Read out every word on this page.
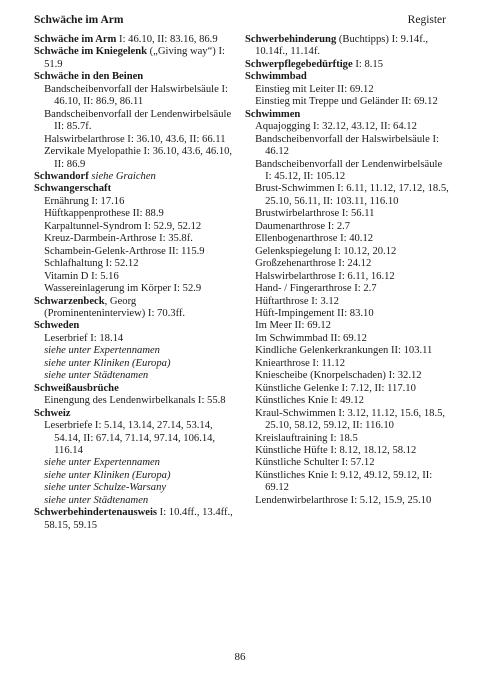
Schwäche im Arm	Register
Schwäche im Arm I: 46.10, II: 83.16, 86.9
Schwäche im Kniegelenk („Giving way“) I: 51.9
Schwäche in den Beinen
Bandscheibenvorfall der Halswirbelsäule I: 46.10, II: 86.9, 86.11
Bandscheibenvorfall der Lendenwirbelsäule II: 85.7f.
Halswirbelarthrose I: 36.10, 43.6, II: 66.11
Zervikale Myelopathie I: 36.10, 43.6, 46.10, II: 86.9
Schwandorf siehe Graichen
Schwangerschaft
Ernährung I: 17.16
Hüftkappenprothese II: 88.9
Karpaltunnel-Syndrom I: 52.9, 52.12
Kreuz-Darmbein-Arthrose I: 35.8f.
Schambein-Gelenk-Arthrose II: 115.9
Schlafhaltung I: 52.12
Vitamin D I: 5.16
Wassereinlagerung im Körper I: 52.9
Schwarzenbeck, Georg (Prominenteninterview) I: 70.3ff.
Schweden
Leserbrief I: 18.14
siehe unter Expertennamen
siehe unter Kliniken (Europa)
siehe unter Städtenamen
Schweißausbrüche
Einengung des Lendenwirbelkanals I: 55.8
Schweiz
Leserbriefe I: 5.14, 13.14, 27.14, 53.14, 54.14, II: 67.14, 71.14, 97.14, 106.14, 116.14
siehe unter Expertennamen
siehe unter Kliniken (Europa)
siehe unter Schulze-Warsany
siehe unter Städtenamen
Schwerbehindertenausweis I: 10.4ff., 13.4ff., 58.15, 59.15
Schwerbehinderung (Buchtipps) I: 9.14f., 10.14f., 11.14f.
Schwerpflegebedürftige I: 8.15
Schwimmbad
Einstieg mit Leiter II: 69.12
Einstieg mit Treppe und Geländer II: 69.12
Schwimmen
Aquajogging I: 32.12, 43.12, II: 64.12
Bandscheibenvorfall der Halswirbelsäule I: 46.12
Bandscheibenvorfall der Lendenwirbelsäule I: 45.12, II: 105.12
Brust-Schwimmen I: 6.11, 11.12, 17.12, 18.5, 25.10, 56.11, II: 103.11, 116.10
Brustwirbelarthrose I: 56.11
Daumenarthrose I: 2.7
Ellenbogenarthrose I: 40.12
Gelenkspiegelung I: 10.12, 20.12
Großzehenarthrose I: 24.12
Halswirbelarthrose I: 6.11, 16.12
Hand- / Fingerarthrose I: 2.7
Hüftarthrose I: 3.12
Hüft-Impingement II: 83.10
Im Meer II: 69.12
Im Schwimmbad II: 69.12
Kindliche Gelenkerkrankungen II: 103.11
Kniearthrose I: 11.12
Kniescheibe (Knorpelschaden) I: 32.12
Künstliche Gelenke I: 7.12, II: 117.10
Künstliches Knie I: 49.12
Kraul-Schwimmen I: 3.12, 11.12, 15.6, 18.5, 25.10, 58.12, 59.12, II: 116.10
Kreislauftraining I: 18.5
Künstliche Hüfte I: 8.12, 18.12, 58.12
Künstliche Schulter I: 57.12
Künstliches Knie I: 9.12, 49.12, 59.12, II: 69.12
Lendenwirbelarthrose I: 5.12, 15.9, 25.10
86
